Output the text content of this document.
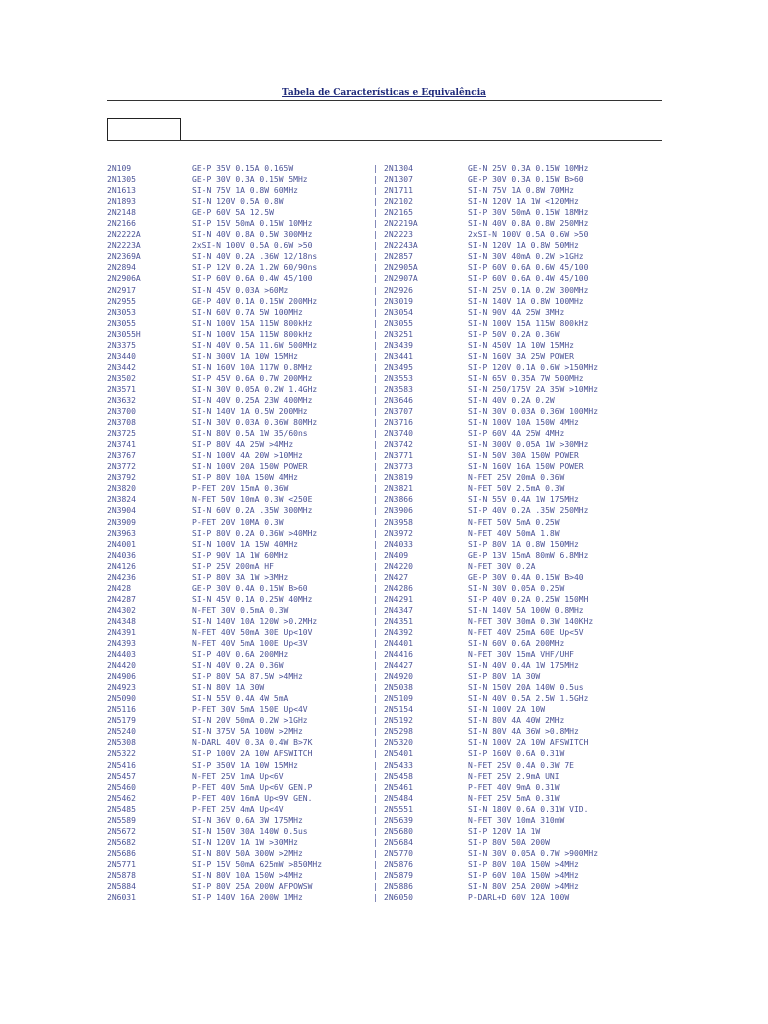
Tabela de Características e Equivalência
2N109	GE-P 35V 0.15A 0.165W	| 2N1304	GE-N 25V 0.3A 0.15W 10MHz
2N1305	GE-P 30V 0.3A 0.15W 5MHz	| 2N1307	GE-P 30V 0.3A 0.15W B>60
2N1613	SI-N 75V 1A 0.8W 60MHz	| 2N1711	SI-N 75V 1A 0.8W 70MHz
2N1893	SI-N 120V 0.5A 0.8W	| 2N2102	SI-N 120V 1A 1W <120MHz
2N2148	GE-P 60V 5A 12.5W	| 2N2165	SI-P 30V 50mA 0.15W 18MHz
2N2166	SI-P 15V 50mA 0.15W 10MHz	| 2N2219A	SI-N 40V 0.8A 0.8W 250MHz
2N2222A	SI-N 40V 0.8A 0.5W 300MHz	| 2N2223	2xSI-N 100V 0.5A 0.6W >50
2N2223A	2xSI-N 100V 0.5A 0.6W >50	| 2N2243A	SI-N 120V 1A 0.8W 50MHz
2N2369A	SI-N 40V 0.2A .36W 12/18ns	| 2N2857	SI-N 30V 40mA 0.2W >1GHz
2N2894	SI-P 12V 0.2A 1.2W 60/90ns	| 2N2905A	SI-P 60V 0.6A 0.6W 45/100
2N2906A	SI-P 60V 0.6A 0.4W 45/100	| 2N2907A	SI-P 60V 0.6A 0.4W 45/100
2N2917	SI-N 45V 0.03A >60Mz	| 2N2926	SI-N 25V 0.1A 0.2W 300MHz
2N2955	GE-P 40V 0.1A 0.15W 200MHz	| 2N3019	SI-N 140V 1A 0.8W 100MHz
2N3053	SI-N 60V 0.7A 5W 100MHz	| 2N3054	SI-N 90V 4A 25W 3MHz
2N3055	SI-N 100V 15A 115W 800kHz	| 2N3055	SI-N 100V 15A 115W 800kHz
2N3055H	SI-N 100V 15A 115W 800kHz	| 2N3251	SI-P 50V 0.2A 0.36W
2N3375	SI-N 40V 0.5A 11.6W 500MHz	| 2N3439	SI-N 450V 1A 10W 15MHz
2N3440	SI-N 300V 1A 10W 15MHz	| 2N3441	SI-N 160V 3A 25W POWER
2N3442	SI-N 160V 10A 117W 0.8MHz	| 2N3495	SI-P 120V 0.1A 0.6W >150MHz
2N3502	SI-P 45V 0.6A 0.7W 200MHz	| 2N3553	SI-N 65V 0.35A 7W 500MHz
2N3571	SI-N 30V 0.05A 0.2W 1.4GHz	| 2N3583	SI-N 250/175V 2A 35W >10MHz
2N3632	SI-N 40V 0.25A 23W 400MHz	| 2N3646	SI-N 40V 0.2A 0.2W
2N3700	SI-N 140V 1A 0.5W 200MHz	| 2N3707	SI-N 30V 0.03A 0.36W 100MHz
2N3708	SI-N 30V 0.03A 0.36W 80MHz	| 2N3716	SI-N 100V 10A 150W 4MHz
2N3725	SI-N 80V 0.5A 1W 35/60ns	| 2N3740	SI-P 60V 4A 25W 4MHz
2N3741	SI-P 80V 4A 25W >4MHz	| 2N3742	SI-N 300V 0.05A 1W >30MHz
2N3767	SI-N 100V 4A 20W >10MHz	| 2N3771	SI-N 50V 30A 150W POWER
2N3772	SI-N 100V 20A 150W POWER	| 2N3773	SI-N 160V 16A 150W POWER
2N3792	SI-P 80V 10A 150W 4MHz	| 2N3819	N-FET 25V 20mA 0.36W
2N3820	P-FET 20V 15mA 0.36W	| 2N3821	N-FET 50V 2.5mA 0.3W
2N3824	N-FET 50V 10mA 0.3W <250E	| 2N3866	SI-N 55V 0.4A 1W 175MHz
2N3904	SI-N 60V 0.2A .35W 300MHz	| 2N3906	SI-P 40V 0.2A .35W 250MHz
2N3909	P-FET 20V 10MA 0.3W	| 2N3958	N-FET 50V 5mA 0.25W
2N3963	SI-P 80V 0.2A 0.36W >40MHz	| 2N3972	N-FET 40V 50mA 1.8W
2N4001	SI-N 100V 1A 15W 40MHz	| 2N4033	SI-P 80V 1A 0.8W 150MHz
2N4036	SI-P 90V 1A 1W 60MHz	| 2N409	GE-P 13V 15mA 80mW 6.8MHz
2N4126	SI-P 25V 200mA HF	| 2N4220	N-FET 30V 0.2A
2N4236	SI-P 80V 3A 1W >3MHz	| 2N427	GE-P 30V 0.4A 0.15W B>40
2N428	GE-P 30V 0.4A 0.15W B>60	| 2N4286	SI-N 30V 0.05A 0.25W
2N4287	SI-N 45V 0.1A 0.25W 40MHz	| 2N4291	SI-P 40V 0.2A 0.25W 150MH
2N4302	N-FET 30V 0.5mA 0.3W	| 2N4347	SI-N 140V 5A 100W 0.8MHz
2N4348	SI-N 140V 10A 120W >0.2MHz	| 2N4351	N-FET 30V 30mA 0.3W 140KHz
2N4391	N-FET 40V 50mA 30E Up<10V	| 2N4392	N-FET 40V 25mA 60E Up<5V
2N4393	N-FET 40V 5mA 100E Up<3V	| 2N4401	SI-N 60V 0.6A 200MHz
2N4403	SI-P 40V 0.6A 200MHz	| 2N4416	N-FET 30V 15mA VHF/UHF
2N4420	SI-N 40V 0.2A 0.36W	| 2N4427	SI-N 40V 0.4A 1W 175MHz
2N4906	SI-P 80V 5A 87.5W >4MHz	| 2N4920	SI-P 80V 1A 30W
2N4923	SI-N 80V 1A 30W	| 2N5038	SI-N 150V 20A 140W 0.5us
2N5090	SI-N 55V 0.4A 4W 5mA	| 2N5109	SI-N 40V 0.5A 2.5W 1.5GHz
2N5116	P-FET 30V 5mA 150E Up<4V	| 2N5154	SI-N 100V 2A 10W
2N5179	SI-N 20V 50mA 0.2W >1GHz	| 2N5192	SI-N 80V 4A 40W 2MHz
2N5240	SI-N 375V 5A 100W >2MHz	| 2N5298	SI-N 80V 4A 36W >0.8MHz
2N5308	N-DARL 40V 0.3A 0.4W B>7K	| 2N5320	SI-N 100V 2A 10W AFSWITCH
2N5322	SI-P 100V 2A 10W AFSWITCH	| 2N5401	SI-P 160V 0.6A 0.31W
2N5416	SI-P 350V 1A 10W 15MHz	| 2N5433	N-FET 25V 0.4A 0.3W 7E
2N5457	N-FET 25V 1mA Up<6V	| 2N5458	N-FET 25V 2.9mA UNI
2N5460	P-FET 40V 5mA Up<6V GEN.P	| 2N5461	P-FET 40V 9mA 0.31W
2N5462	P-FET 40V 16mA Up<9V GEN.	| 2N5484	N-FET 25V 5mA 0.31W
2N5485	P-FET 25V 4mA Up<4V	| 2N5551	SI-N 180V 0.6A 0.31W VID.
2N5589	SI-N 36V 0.6A 3W 175MHz	| 2N5639	N-FET 30V 10mA 310mW
2N5672	SI-N 150V 30A 140W 0.5us	| 2N5680	SI-P 120V 1A 1W
2N5682	SI-N 120V 1A 1W >30MHz	| 2N5684	SI-P 80V 50A 200W
2N5686	SI-N 80V 50A 300W >2MHz	| 2N5770	SI-N 30V 0.05A 0.7W >900MHz
2N5771	SI-P 15V 50mA 625mW >850MHz	| 2N5876	SI-P 80V 10A 150W >4MHz
2N5878	SI-N 80V 10A 150W >4MHz	| 2N5879	SI-P 60V 10A 150W >4MHz
2N5884	SI-P 80V 25A 200W AFPOWSW	| 2N5886	SI-N 80V 25A 200W >4MHz
2N6031	SI-P 140V 16A 200W 1MHz	| 2N6050	P-DARL+D 60V 12A 100W
